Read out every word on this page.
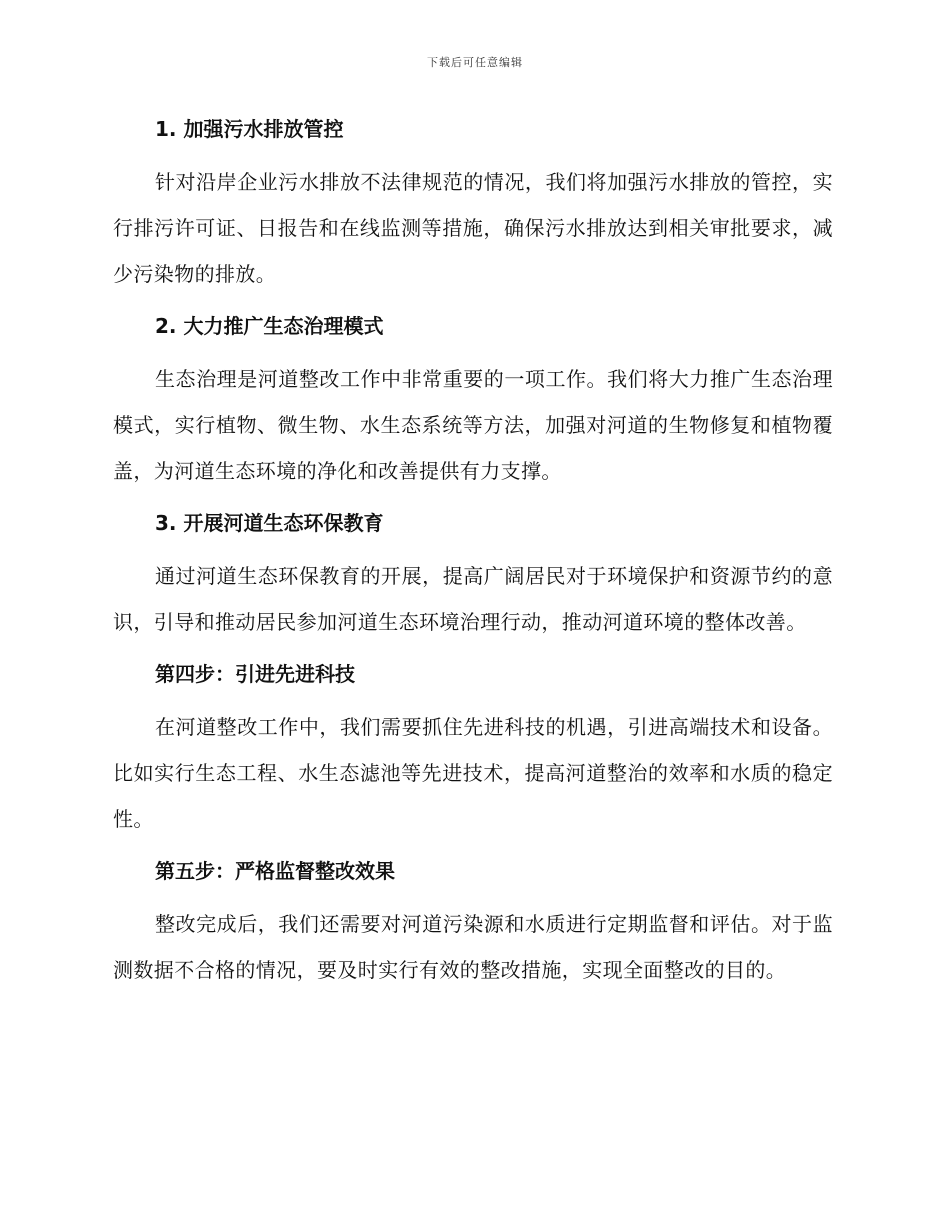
下载后可任意编辑
1. 加强污水排放管控
针对沿岸企业污水排放不法律规范的情况，我们将加强污水排放的管控，实行排污许可证、日报告和在线监测等措施，确保污水排放达到相关审批要求，减少污染物的排放。
2. 大力推广生态治理模式
生态治理是河道整改工作中非常重要的一项工作。我们将大力推广生态治理模式，实行植物、微生物、水生态系统等方法，加强对河道的生物修复和植物覆盖，为河道生态环境的净化和改善提供有力支撑。
3. 开展河道生态环保教育
通过河道生态环保教育的开展，提高广阔居民对于环境保护和资源节约的意识，引导和推动居民参加河道生态环境治理行动，推动河道环境的整体改善。
第四步：引进先进科技
在河道整改工作中，我们需要抓住先进科技的机遇，引进高端技术和设备。比如实行生态工程、水生态滤池等先进技术，提高河道整治的效率和水质的稳定性。
第五步：严格监督整改效果
整改完成后，我们还需要对河道污染源和水质进行定期监督和评估。对于监测数据不合格的情况，要及时实行有效的整改措施，实现全面整改的目的。
